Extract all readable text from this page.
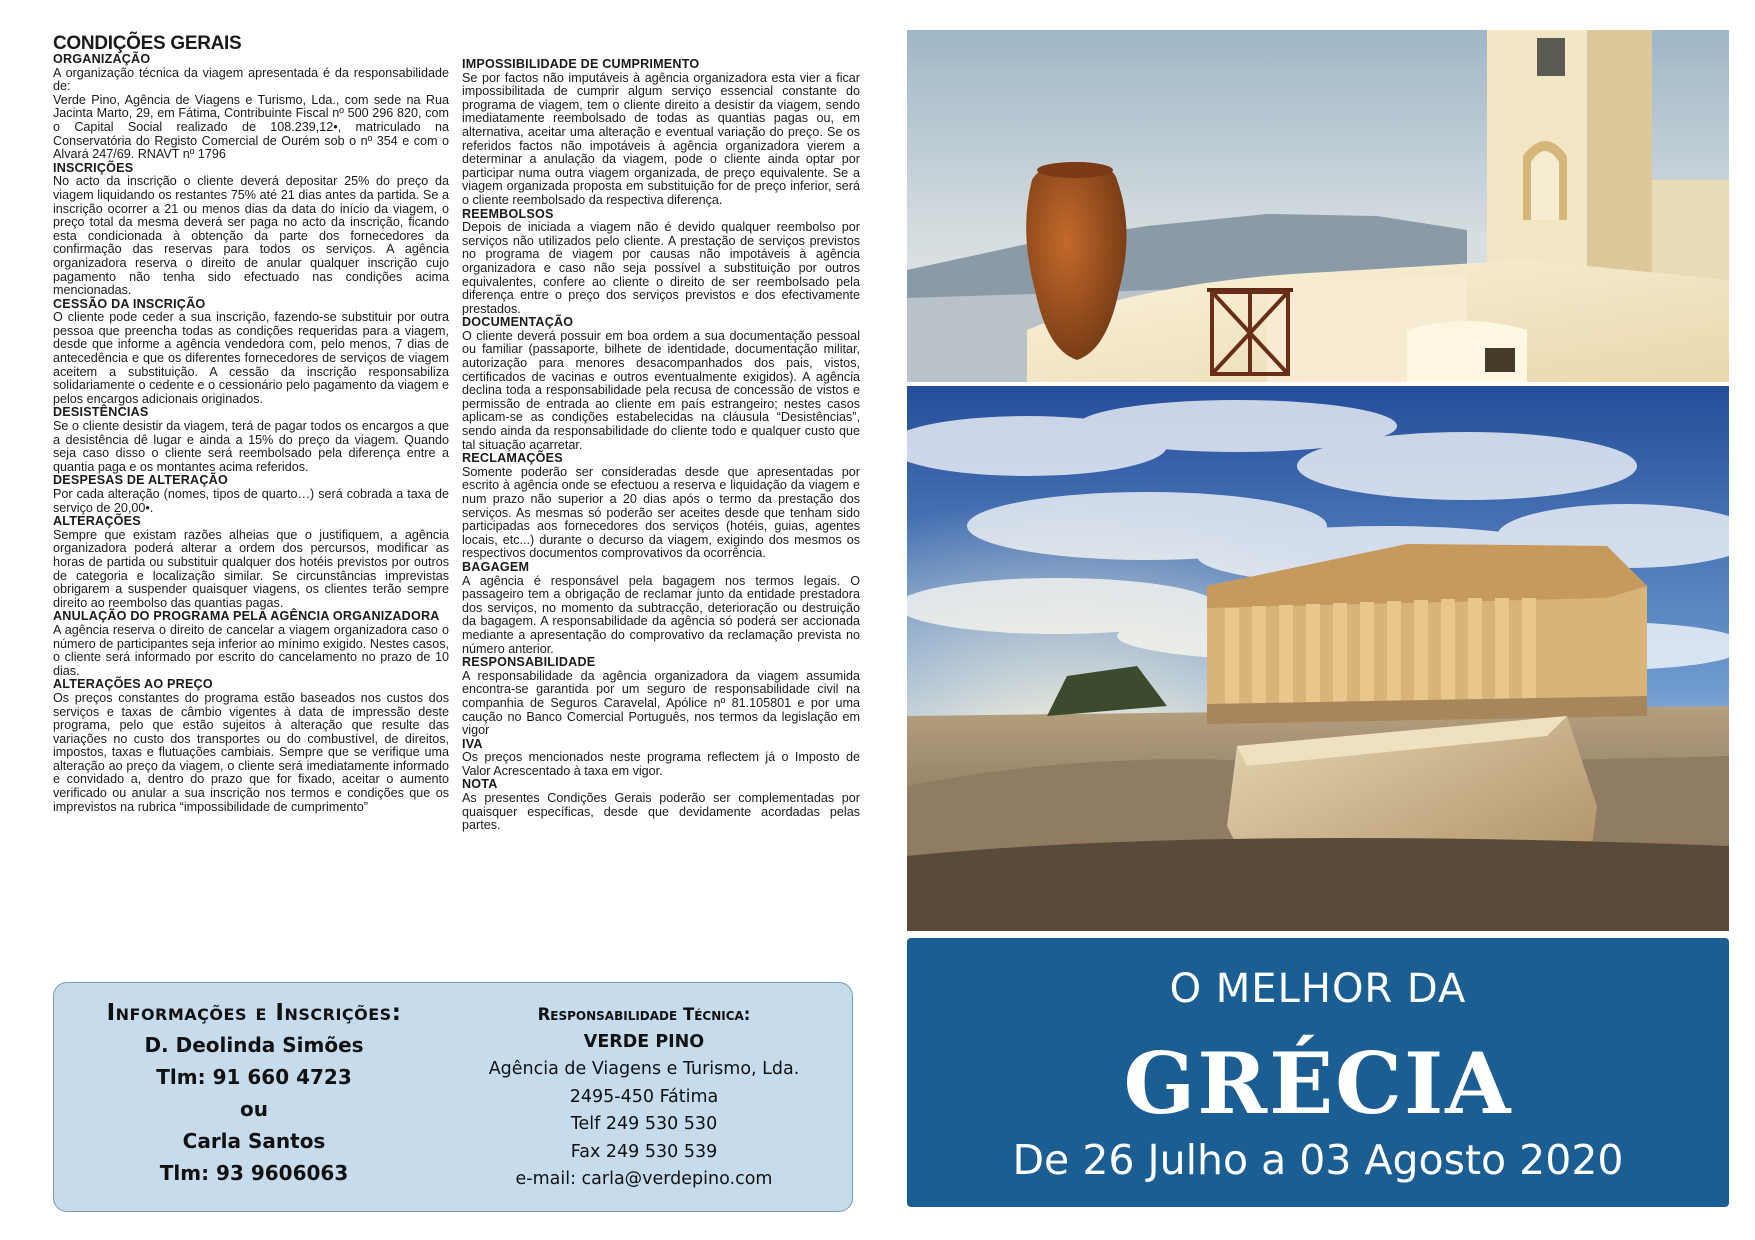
CONDIÇÕES GERAIS
ORGANIZAÇÃO

A organização técnica da viagem apresentada é da responsabilidade de:

Verde Pino, Agência de Viagens e Turismo, Lda., com sede na Rua Jacinta Marto, 29, em Fátima, Contribuinte Fiscal nº 500 296 820, com o Capital Social realizado de 108.239,12•, matriculado na Conservatória do Registo Comercial de Ourém sob o nº 354 e com o Alvará 247/69. RNAVT nº 1796

INSCRIÇÕES

No acto da inscrição o cliente deverá depositar 25% do preço da viagem liquidando os restantes 75% até 21 dias antes da partida. Se a inscrição ocorrer a 21 ou menos dias da data do início da viagem, o preço total da mesma deverá ser paga no acto da inscrição, ficando esta condicionada à obtenção da parte dos fornecedores da confirmação das reservas para todos os serviços. A agência organizadora reserva o direito de anular qualquer inscrição cujo pagamento não tenha sido efectuado nas condições acima mencionadas.

CESSÃO DA INSCRIÇÃO

O cliente pode ceder a sua inscrição, fazendo-se substituir por outra pessoa que preencha todas as condições requeridas para a viagem, desde que informe a agência vendedora com, pelo menos, 7 dias de antecedência e que os diferentes fornecedores de serviços de viagem aceitem a substituição. A cessão da inscrição responsabiliza solidariamente o cedente e o cessionário pelo pagamento da viagem e pelos encargos adicionais originados.

DESISTÊNCIAS

Se o cliente desistir da viagem, terá de pagar todos os encargos a que a desistência dê lugar e ainda a 15% do preço da viagem. Quando seja caso disso o cliente será reembolsado pela diferença entre a quantia paga e os montantes acima referidos.

DESPESAS DE ALTERAÇÃO

Por cada alteração (nomes, tipos de quarto…) será cobrada a taxa de serviço de 20,00•.

ALTERAÇÕES

Sempre que existam razões alheias que o justifiquem, a agência organizadora poderá alterar a ordem dos percursos, modificar as horas de partida ou substituir qualquer dos hotéis previstos por outros de categoria e localização similar. Se circunstâncias imprevistas obrigarem a suspender quaisquer viagens, os clientes terão sempre direito ao reembolso das quantias pagas.

ANULAÇÃO DO PROGRAMA PELA AGÊNCIA ORGANIZADORA

A agência reserva o direito de cancelar a viagem organizadora caso o número de participantes seja inferior ao mínimo exigido. Nestes casos, o cliente será informado por escrito do cancelamento no prazo de 10 dias.

ALTERAÇÕES AO PREÇO

Os preços constantes do programa estão baseados nos custos dos serviços e taxas de câmbio vigentes à data de impressão deste programa, pelo que estão sujeitos à alteração que resulte das variações no custo dos transportes ou do combustível, de direitos, impostos, taxas e flutuações cambiais. Sempre que se verifique uma alteração ao preço da viagem, o cliente será imediatamente informado e convidado a, dentro do prazo que for fixado, aceitar o aumento verificado ou anular a sua inscrição nos termos e condições que os imprevistos na rubrica “impossibilidade de cumprimento”

IMPOSSIBILIDADE DE CUMPRIMENTO

Se por factos não imputáveis à agência organizadora esta vier a ficar impossibilitada de cumprir algum serviço essencial constante do programa de viagem, tem o cliente direito a desistir da viagem, sendo imediatamente reembolsado de todas as quantias pagas ou, em alternativa, aceitar uma alteração e eventual variação do preço. Se os referidos factos não impotáveis à agência organizadora vierem a determinar a anulação da viagem, pode o cliente ainda optar por participar numa outra viagem organizada, de preço equivalente. Se a viagem organizada proposta em substituição for de preço inferior, será o cliente reembolsado da respectiva diferença.

REEMBOLSOS

Depois de iniciada a viagem não é devido qualquer reembolso por serviços não utilizados pelo cliente. A prestação de serviços previstos no programa de viagem por causas não impotáveis à agência organizadora e caso não seja possível a substituição por outros equivalentes, confere ao cliente o direito de ser reembolsado pela diferença entre o preço dos serviços previstos e dos efectivamente prestados.

DOCUMENTAÇÃO

O cliente deverá possuir em boa ordem a sua documentação pessoal ou familiar (passaporte, bilhete de identidade, documentação militar, autorização para menores desacompanhados dos pais, vistos, certificados de vacinas e outros eventualmente exigidos). A agência declina toda a responsabilidade pela recusa de concessão de vistos e permissão de entrada ao cliente em país estrangeiro; nestes casos aplicam-se as condições estabelecidas na cláusula “Desistências”, sendo ainda da responsabilidade do cliente todo e qualquer custo que tal situação acarretar.

RECLAMAÇÕES

Somente poderão ser consideradas desde que apresentadas por escrito à agência onde se efectuou a reserva e liquidação da viagem e num prazo não superior a 20 dias após o termo da prestação dos serviços. As mesmas só poderão ser aceites desde que tenham sido participadas aos fornecedores dos serviços (hotéis, guias, agentes locais, etc...) durante o decurso da viagem, exigindo dos mesmos os respectivos documentos comprovativos da ocorrência.

BAGAGEM

A agência é responsável pela bagagem nos termos legais. O passageiro tem a obrigação de reclamar junto da entidade prestadora dos serviços, no momento da subtracção, deterioração ou destruição da bagagem. A responsabilidade da agência só poderá ser accionada mediante a apresentação do comprovativo da reclamação prevista no número anterior.

RESPONSABILIDADE

A responsabilidade da agência organizadora da viagem assumida encontra-se garantida por um seguro de responsabilidade civil na companhia de Seguros Caravelal, Apólice nº 81.105801 e por uma caução no Banco Comercial Português, nos termos da legislação em vigor

IVA

Os preços mencionados neste programa reflectem já o Imposto de Valor Acrescentado à taxa em vigor.

NOTA

As presentes Condições Gerais poderão ser complementadas por quaisquer específicas, desde que devidamente acordadas pelas partes.

Informações e Inscrições:
D. Deolinda Simões
Tlm: 91 660 4723
ou
Carla Santos
Tlm: 93 9606063
Responsabilidade Técnica:
VERDE PINO
Agência de Viagens e Turismo, Lda.
2495-450 Fátima
Telf 249 530 530
Fax 249 530 539
e-mail: carla@verdepino.com
O MELHOR DA
GRÉCIA
De 26 Julho a 03 Agosto 2020
